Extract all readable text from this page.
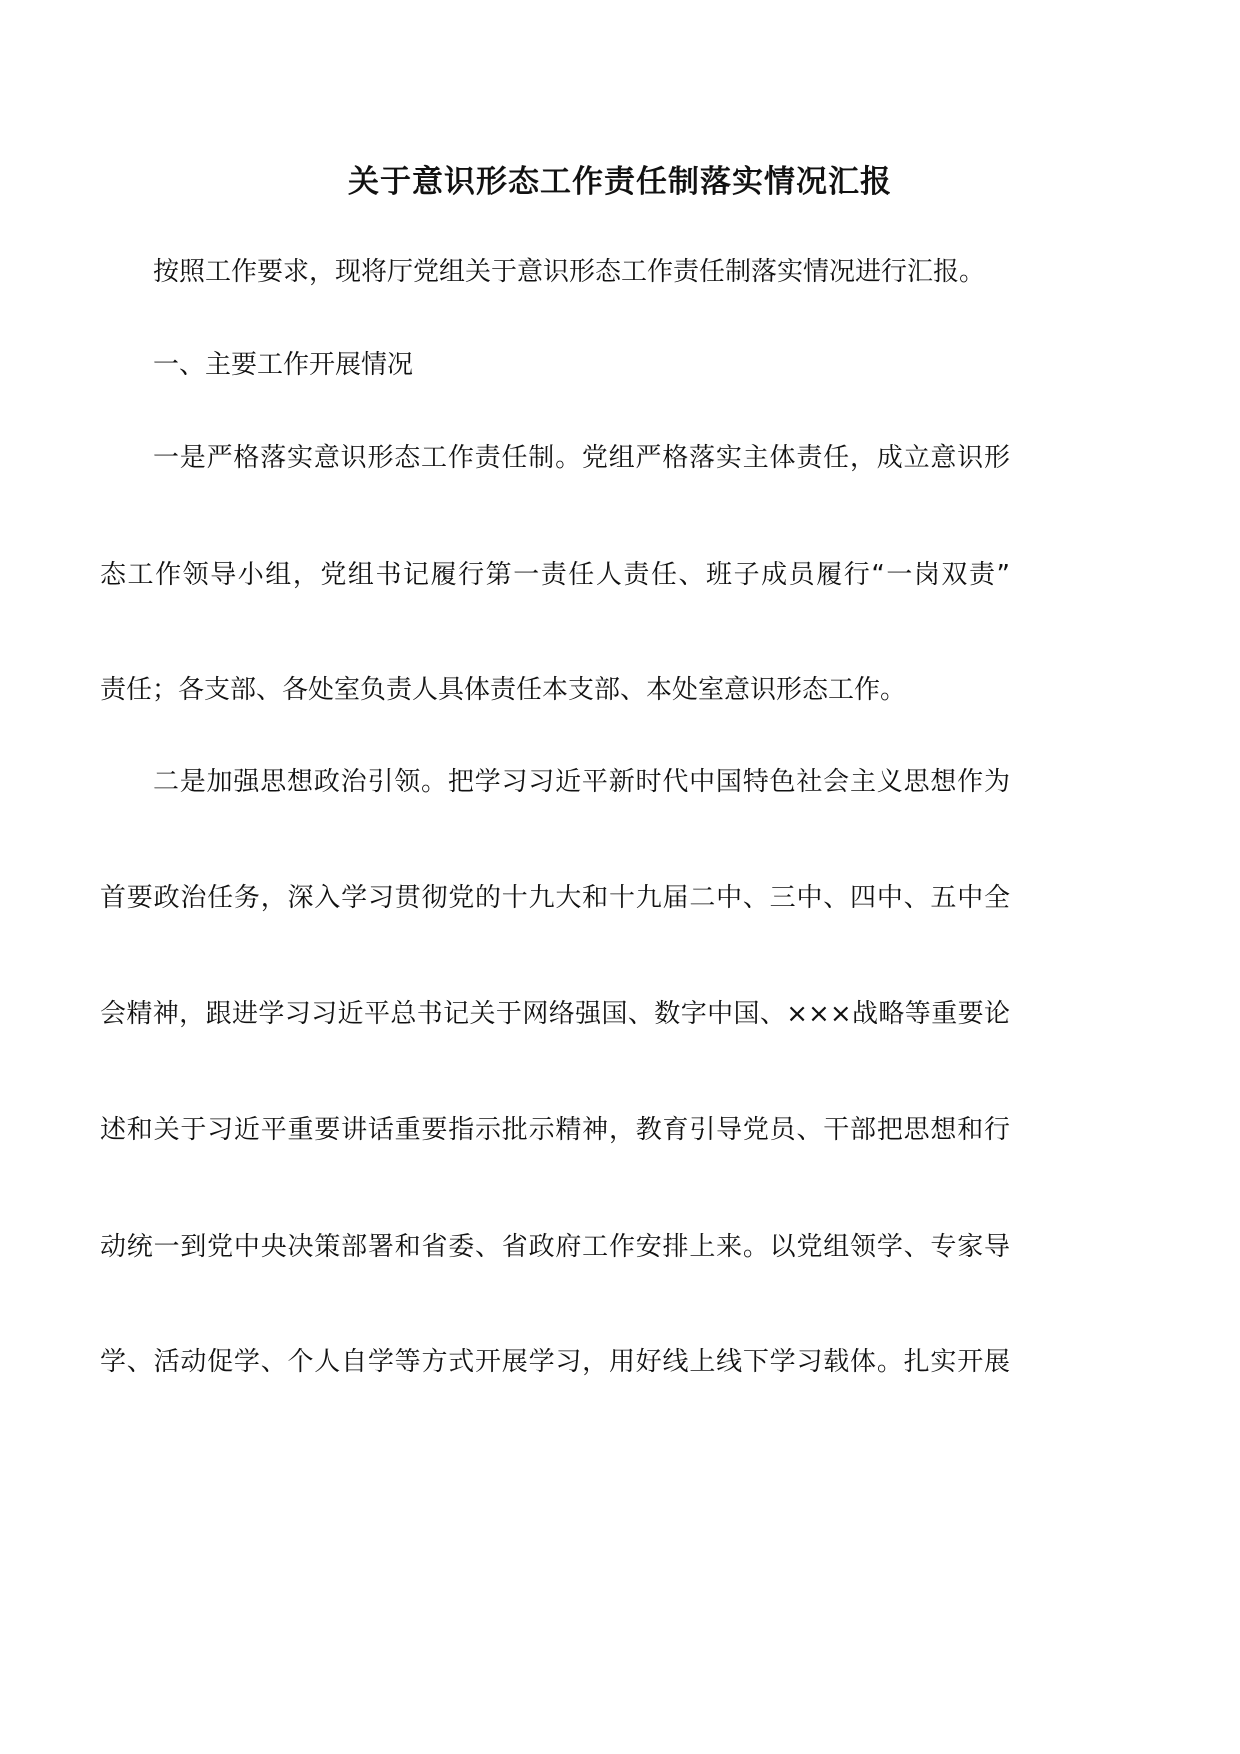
关于意识形态工作责任制落实情况汇报
按照工作要求，现将厅党组关于意识形态工作责任制落实情况进行汇报。
一、主要工作开展情况
一是严格落实意识形态工作责任制。党组严格落实主体责任，成立意识形
态工作领导小组，党组书记履行第一责任人责任、班子成员履行“一岗双责”
责任；各支部、各处室负责人具体责任本支部、本处室意识形态工作。
二是加强思想政治引领。把学习习近平新时代中国特色社会主义思想作为
首要政治任务，深入学习贯彻党的十九大和十九届二中、三中、四中、五中全
会精神，跟进学习习近平总书记关于网络强国、数字中国、×××战略等重要论
述和关于习近平重要讲话重要指示批示精神，教育引导党员、干部把思想和行
动统一到党中央决策部署和省委、省政府工作安排上来。以党组领学、专家导
学、活动促学、个人自学等方式开展学习，用好线上线下学习载体。扎实开展
